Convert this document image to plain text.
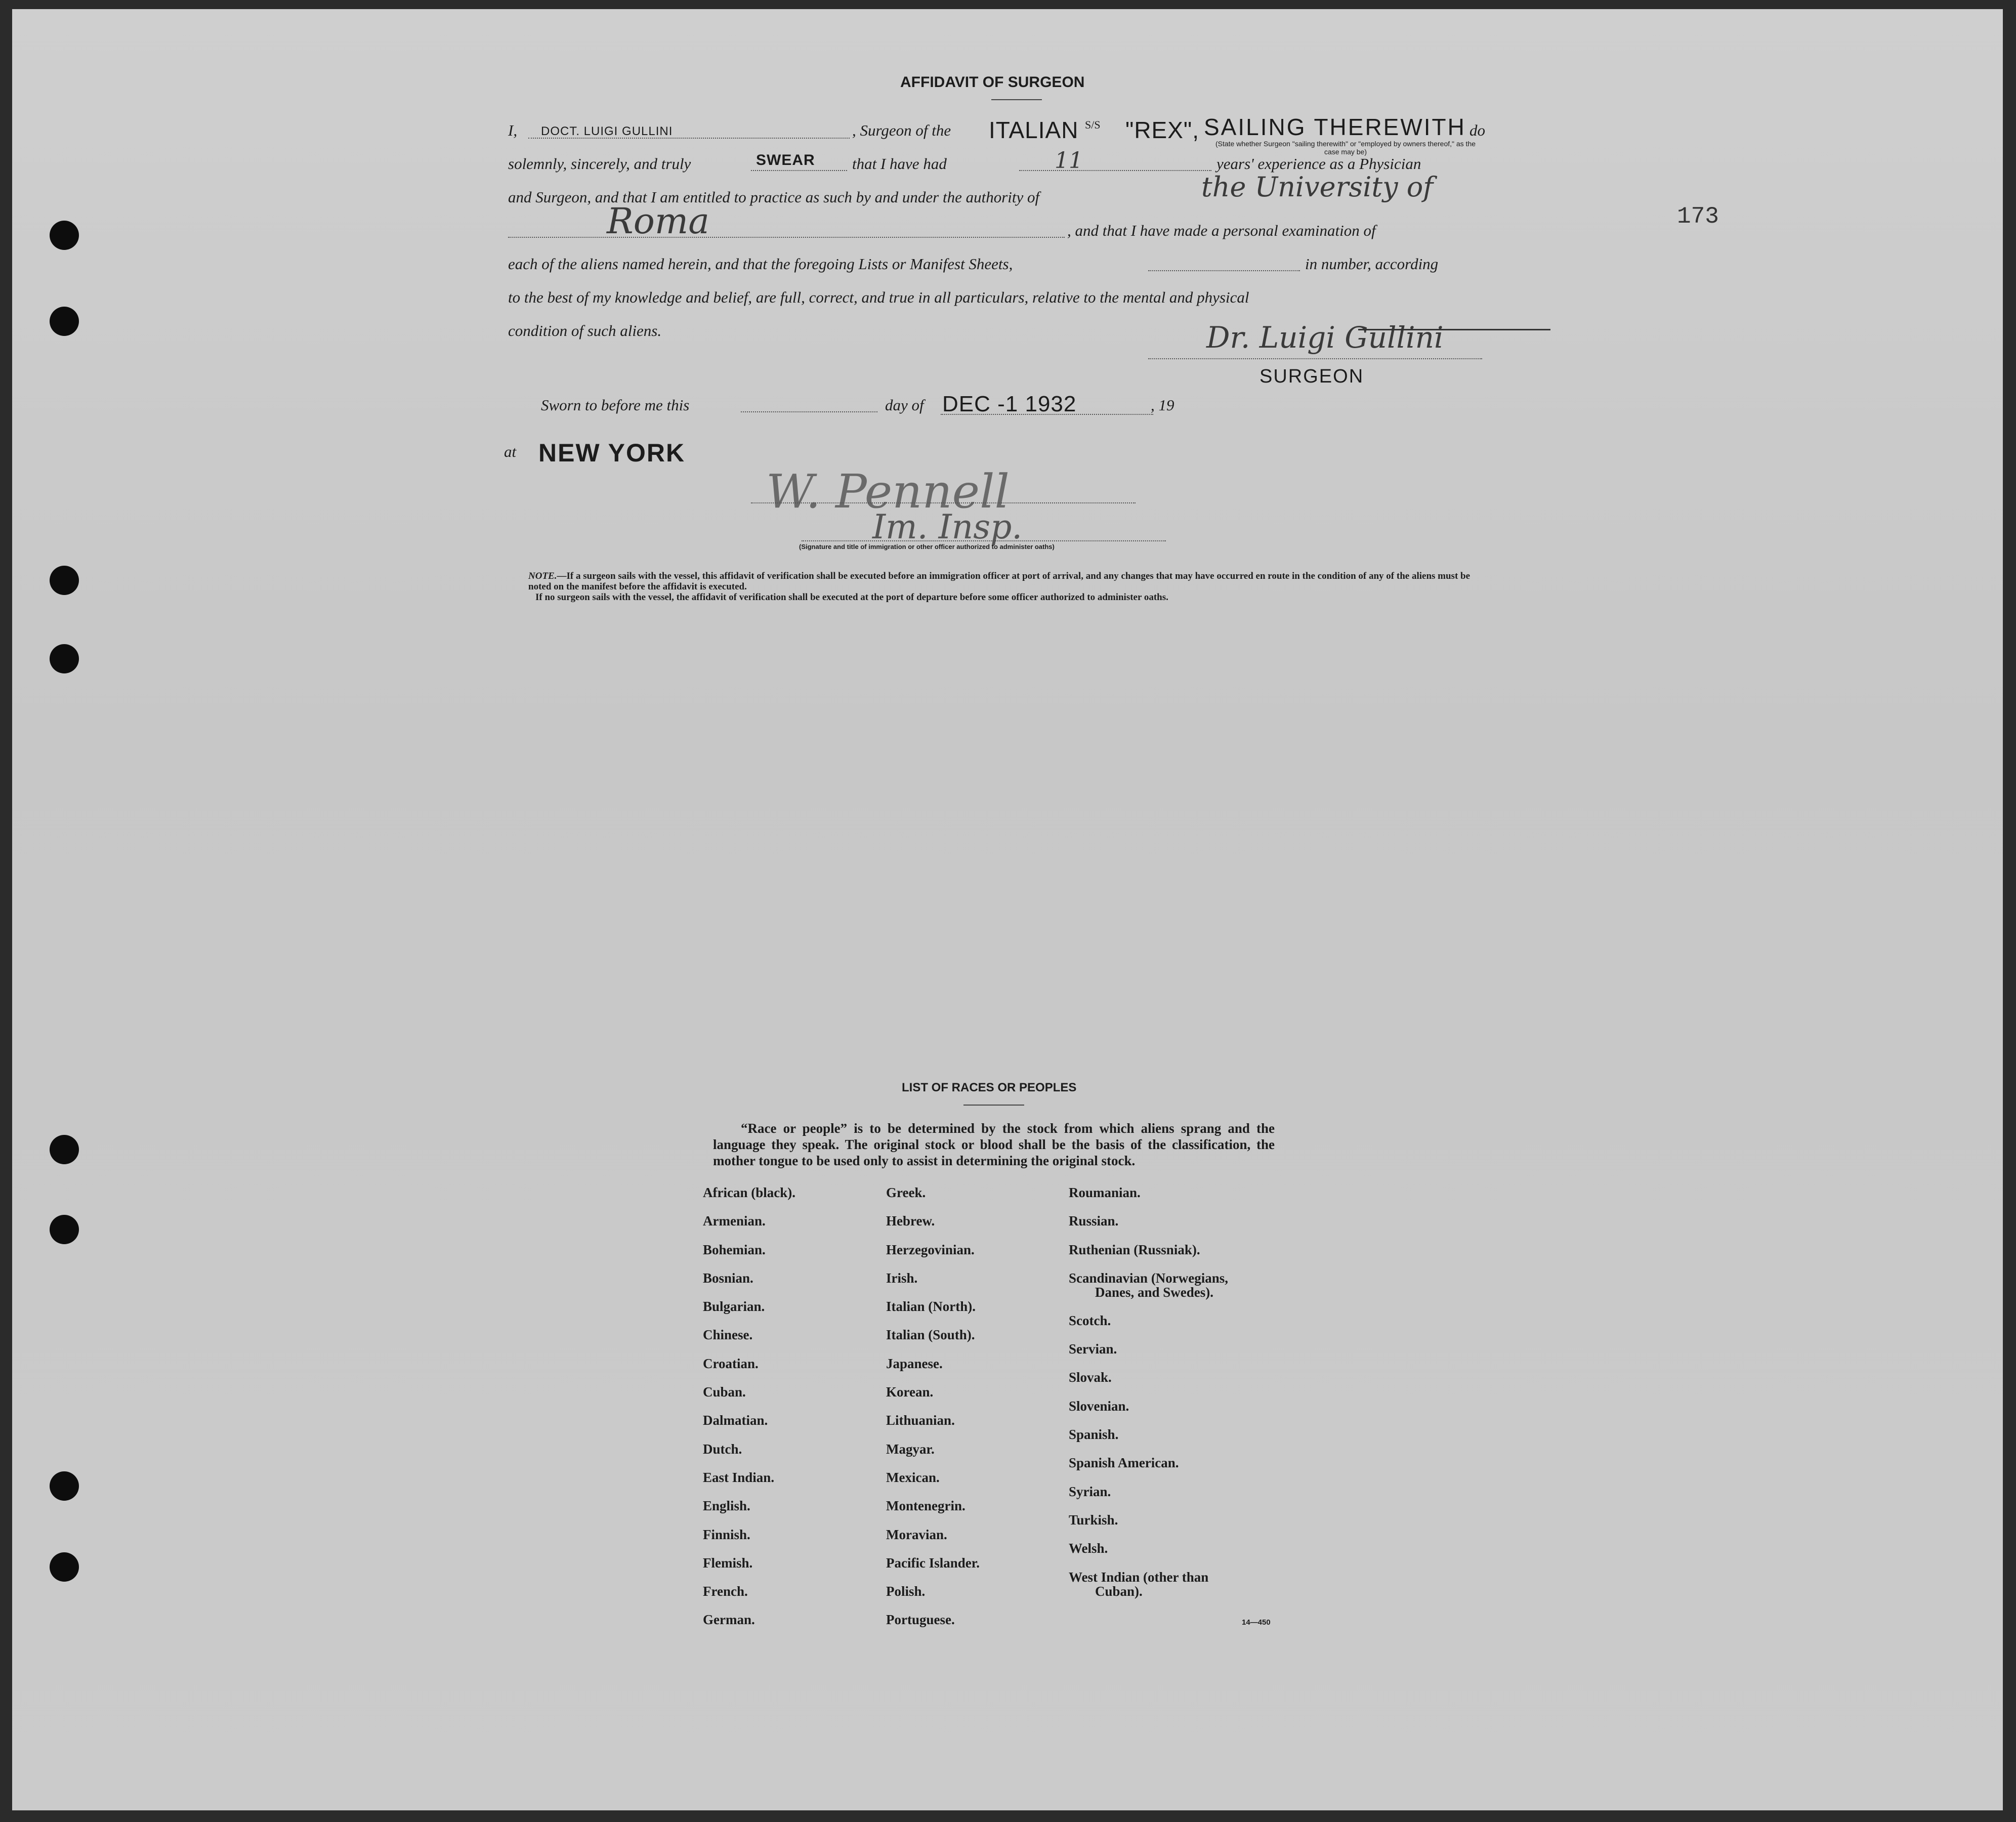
173
AFFIDAVIT OF SURGEON
I, DOCT. LUIGI GULLINI	, Surgeon of the ITALIAN S/S "REX", SAILING THEREWITH do
(State whether Surgeon "sailing therewith" or "employed by owners thereof," as the case may be)
solemnly, sincerely, and truly	SWEAR that I have had	11	years' experience as a Physician
and Surgeon, and that I am entitled to practice as such by and under the authority of	the University of
Roma	, and that I have made a personal examination of
each of the aliens named herein, and that the foregoing Lists or Manifest Sheets,	in number, according
to the best of my knowledge and belief, are full, correct, and true in all particulars, relative to the mental and physical
condition of such aliens.	Dr. Luigi Gullini
SURGEON
Sworn to before me this	day of DEC -1 1932	, 19
at NEW YORK
W. Pennell
Im. Insp.
(Signature and title of immigration or other officer authorized to administer oaths)
NOTE.—If a surgeon sails with the vessel, this affidavit of verification shall be executed before an immigration officer at port of arrival, and any changes that may have occurred en route in the condition of any of the aliens must be noted on the manifest before the affidavit is executed.
If no surgeon sails with the vessel, the affidavit of verification shall be executed at the port of departure before some officer authorized to administer oaths.
LIST OF RACES OR PEOPLES

“Race or people” is to be determined by the stock from which aliens sprang and the language they speak. The original stock or blood shall be the basis of the classification, the mother tongue to be used only to assist in determining the original stock.

African (black).
Armenian.
Bohemian.
Bosnian.
Bulgarian.
Chinese.
Croatian.
Cuban.
Dalmatian.
Dutch.
East Indian.
English.
Finnish.
Flemish.
French.
German.
Greek.
Hebrew.
Herzegovinian.
Irish.
Italian (North).
Italian (South).
Japanese.
Korean.
Lithuanian.
Magyar.
Mexican.
Montenegrin.
Moravian.
Pacific Islander.
Polish.
Portuguese.
Roumanian.
Russian.
Ruthenian (Russniak).
Scandinavian (Norwegians,
Danes, and Swedes).
Scotch.
Servian.
Slovak.
Slovenian.
Spanish.
Spanish American.
Syrian.
Turkish.
Welsh.
West Indian (other than
Cuban).
14—450
